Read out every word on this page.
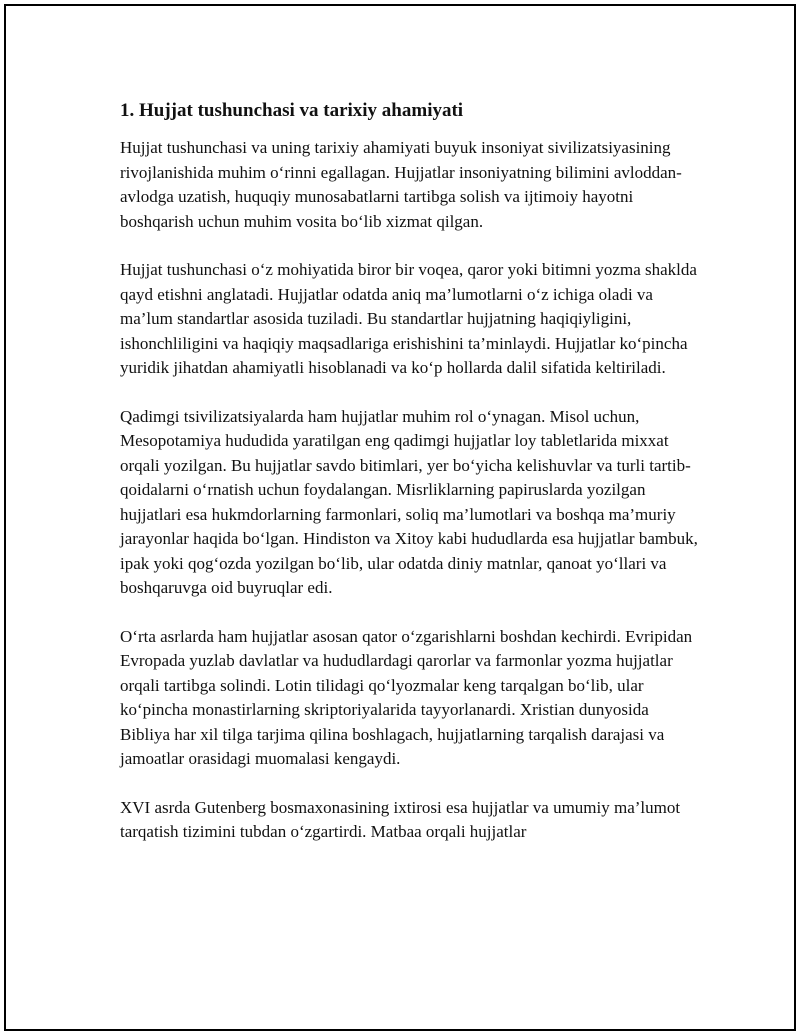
1. Hujjat tushunchasi va tarixiy ahamiyati

Hujjat tushunchasi va uning tarixiy ahamiyati buyuk insoniyat sivilizatsiyasining rivojlanishida muhim o‘rinni egallagan. Hujjatlar insoniyatning bilimini avloddan-avlodga uzatish, huquqiy munosabatlarni tartibga solish va ijtimoiy hayotni boshqarish uchun muhim vosita bo‘lib xizmat qilgan.

Hujjat tushunchasi o‘z mohiyatida biror bir voqea, qaror yoki bitimni yozma shaklda qayd etishni anglatadi. Hujjatlar odatda aniq ma’lumotlarni o‘z ichiga oladi va ma’lum standartlar asosida tuziladi. Bu standartlar hujjatning haqiqiyligini, ishonchliligini va haqiqiy maqsadlariga erishishini ta’minlaydi. Hujjatlar ko‘pincha yuridik jihatdan ahamiyatli hisoblanadi va ko‘p hollarda dalil sifatida keltiriladi.

Qadimgi tsivilizatsiyalarda ham hujjatlar muhim rol o‘ynagan. Misol uchun, Mesopotamiya hududida yaratilgan eng qadimgi hujjatlar loy tabletlarida mixxat orqali yozilgan. Bu hujjatlar savdo bitimlari, yer bo‘yicha kelishuvlar va turli tartib-qoidalarni o‘rnatish uchun foydalangan. Misrliklarning papiruslarda yozilgan hujjatlari esa hukmdorlarning farmonlari, soliq ma’lumotlari va boshqa ma’muriy jarayonlar haqida bo‘lgan. Hindiston va Xitoy kabi hududlarda esa hujjatlar bambuk, ipak yoki qog‘ozda yozilgan bo‘lib, ular odatda diniy matnlar, qanoat yo‘llari va boshqaruvga oid buyruqlar edi.

O‘rta asrlarda ham hujjatlar asosan qator o‘zgarishlarni boshdan kechirdi. Evripidan Evropada yuzlab davlatlar va hududlardagi qarorlar va farmonlar yozma hujjatlar orqali tartibga solindi. Lotin tilidagi qo‘lyozmalar keng tarqalgan bo‘lib, ular ko‘pincha monastirlarning skriptoriyalarida tayyorlanardi. Xristian dunyosida Bibliya har xil tilga tarjima qilina boshlagach, hujjatlarning tarqalish darajasi va jamoatlar orasidagi muomalasi kengaydi.

XVI asrda Gutenberg bosmaxonasining ixtirosi esa hujjatlar va umumiy ma’lumot tarqatish tizimini tubdan o‘zgartirdi. Matbaa orqali hujjatlar
